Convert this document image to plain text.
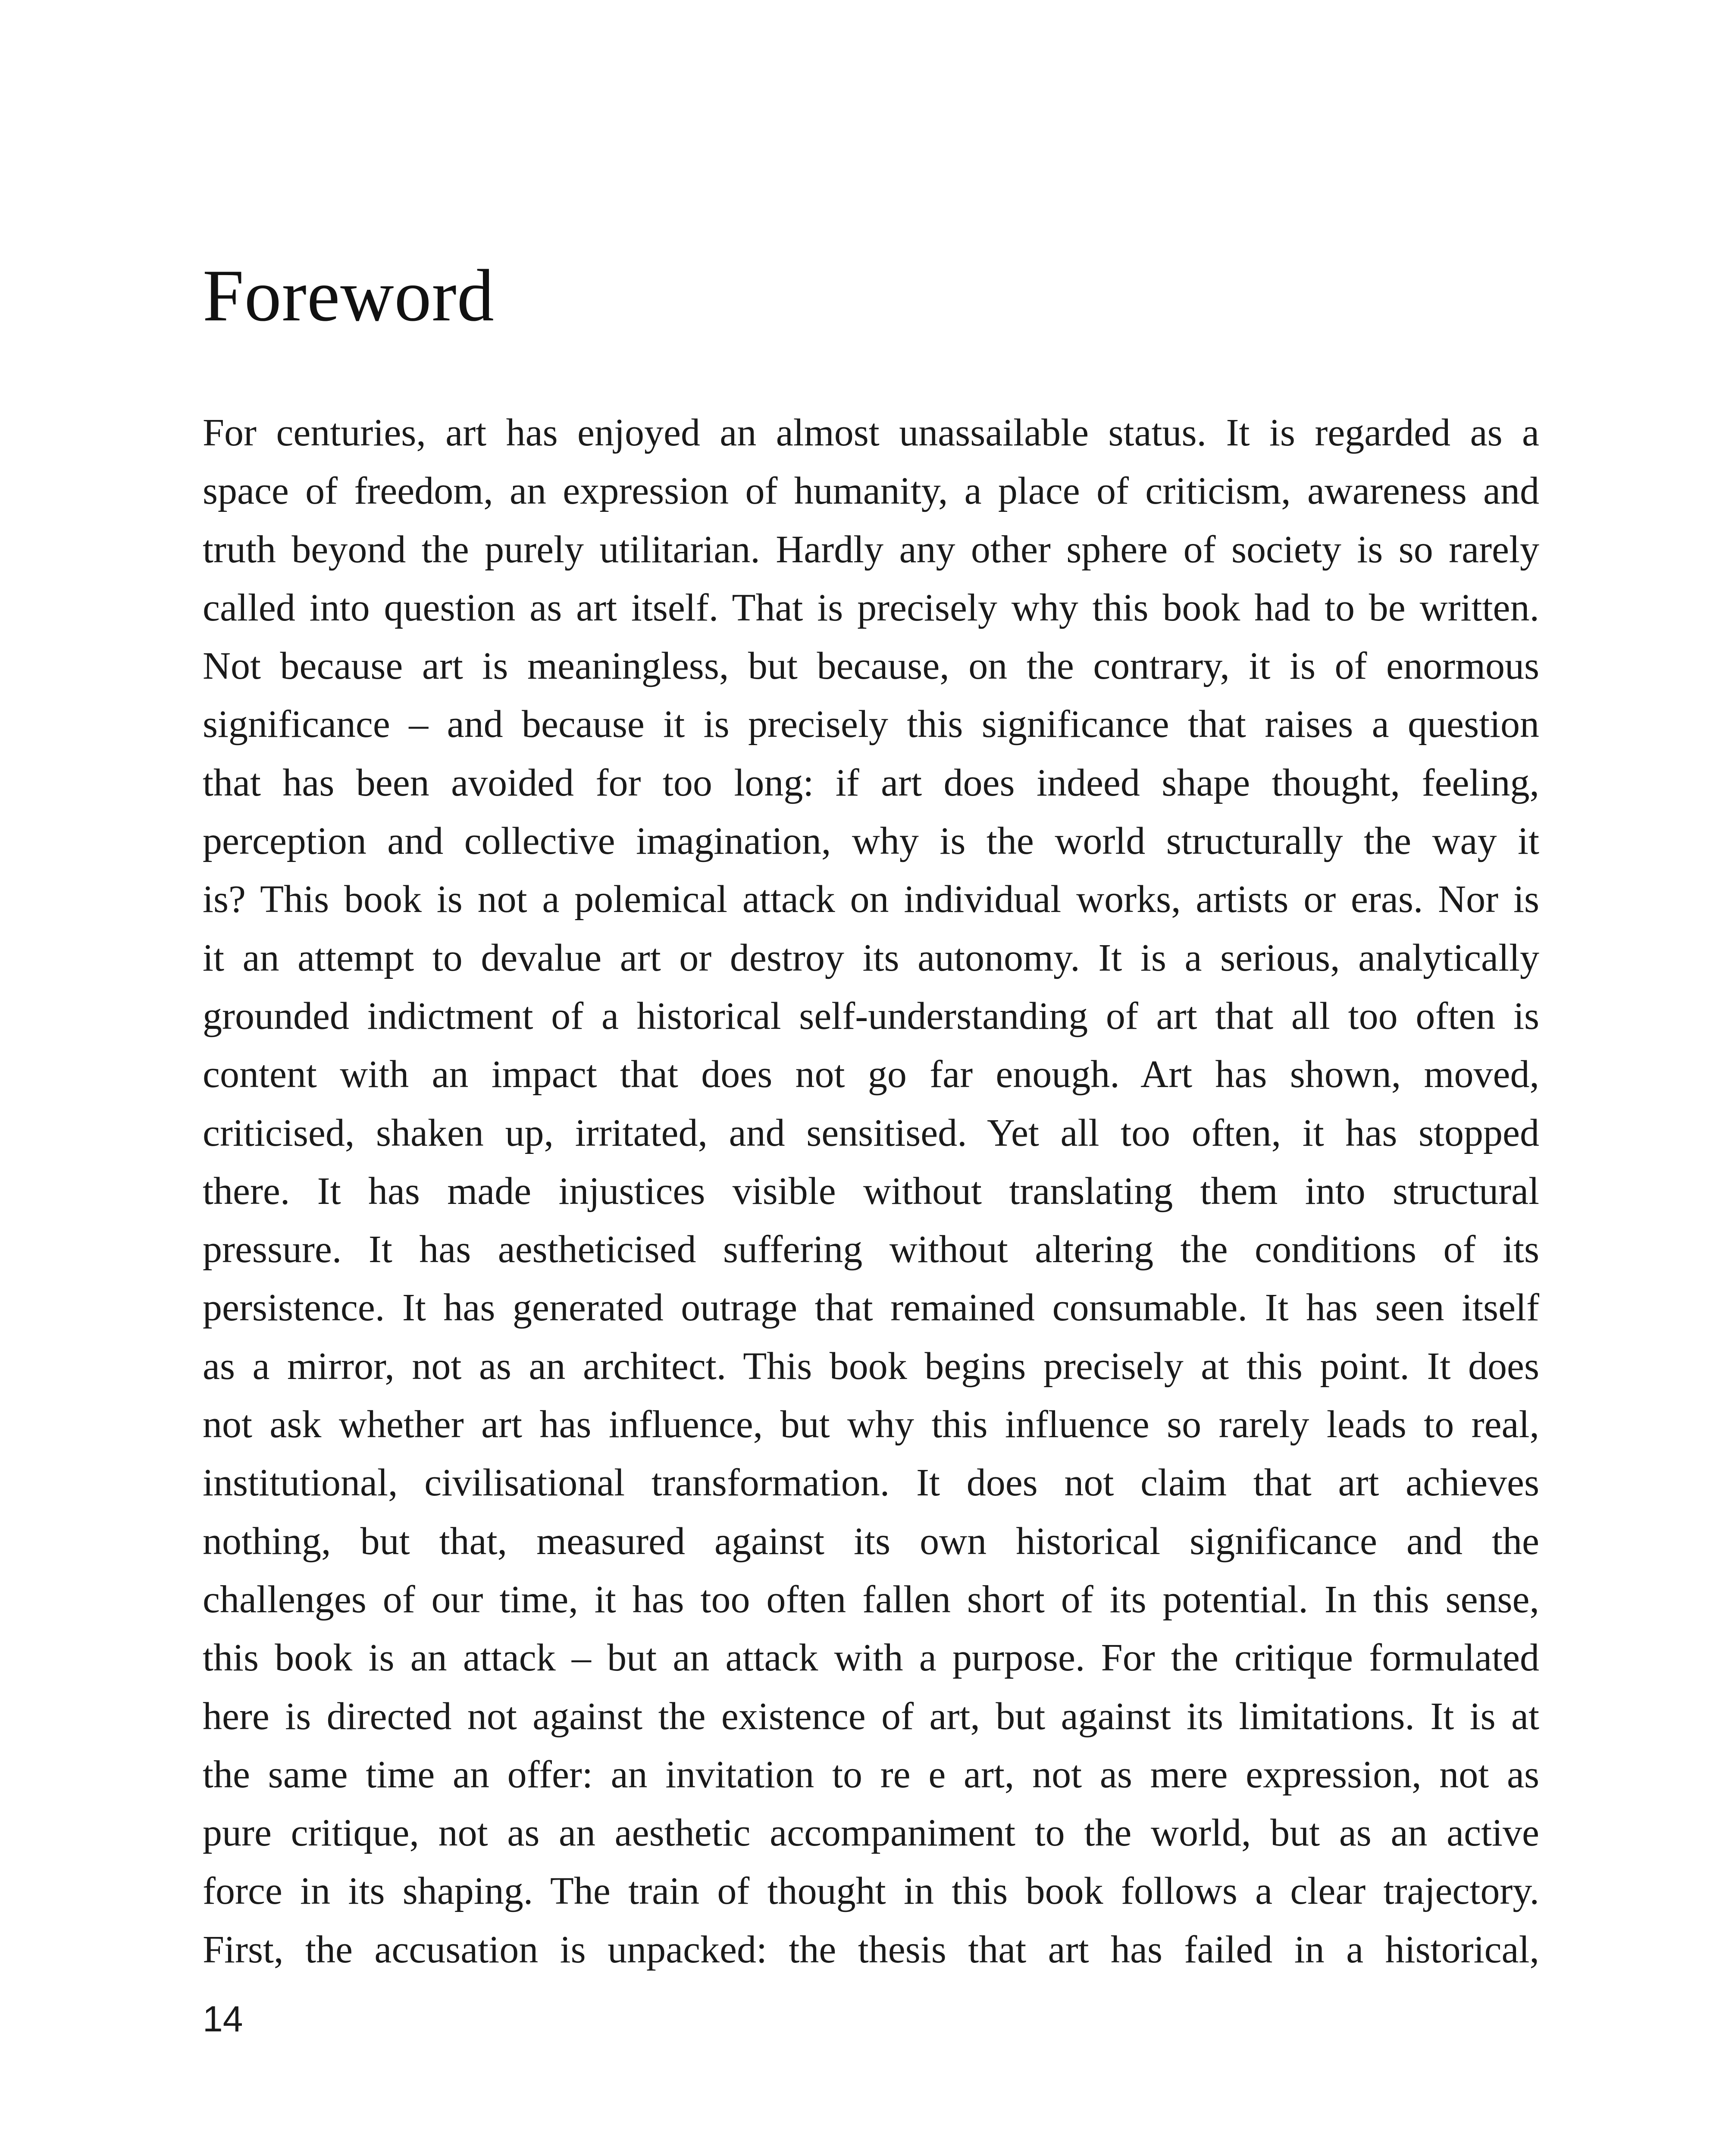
Foreword
For centuries, art has enjoyed an almost unassailable status. It is regarded as a
space of freedom, an expression of humanity, a place of criticism, awareness and
truth beyond the purely utilitarian. Hardly any other sphere of society is so rarely
called into question as art itself. That is precisely why this book had to be written.
Not because art is meaningless, but because, on the contrary, it is of enormous
significance – and because it is precisely this significance that raises a question
that has been avoided for too long: if art does indeed shape thought, feeling,
perception and collective imagination, why is the world structurally the way it
is? This book is not a polemical attack on individual works, artists or eras. Nor is
it an attempt to devalue art or destroy its autonomy. It is a serious, analytically
grounded indictment of a historical self-understanding of art that all too often is
content with an impact that does not go far enough. Art has shown, moved,
criticised, shaken up, irritated, and sensitised. Yet all too often, it has stopped
there. It has made injustices visible without translating them into structural
pressure. It has aestheticised suffering without altering the conditions of its
persistence. It has generated outrage that remained consumable. It has seen itself
as a mirror, not as an architect. This book begins precisely at this point. It does
not ask whether art has influence, but why this influence so rarely leads to real,
institutional, civilisational transformation. It does not claim that art achieves
nothing, but that, measured against its own historical significance and the
challenges of our time, it has too often fallen short of its potential. In this sense,
this book is an attack – but an attack with a purpose. For the critique formulated
here is directed not against the existence of art, but against its limitations. It is at
the same time an offer: an invitation to re e art, not as mere expression, not as
pure critique, not as an aesthetic accompaniment to the world, but as an active
force in its shaping. The train of thought in this book follows a clear trajectory.
First, the accusation is unpacked: the thesis that art has failed in a historical,
14
